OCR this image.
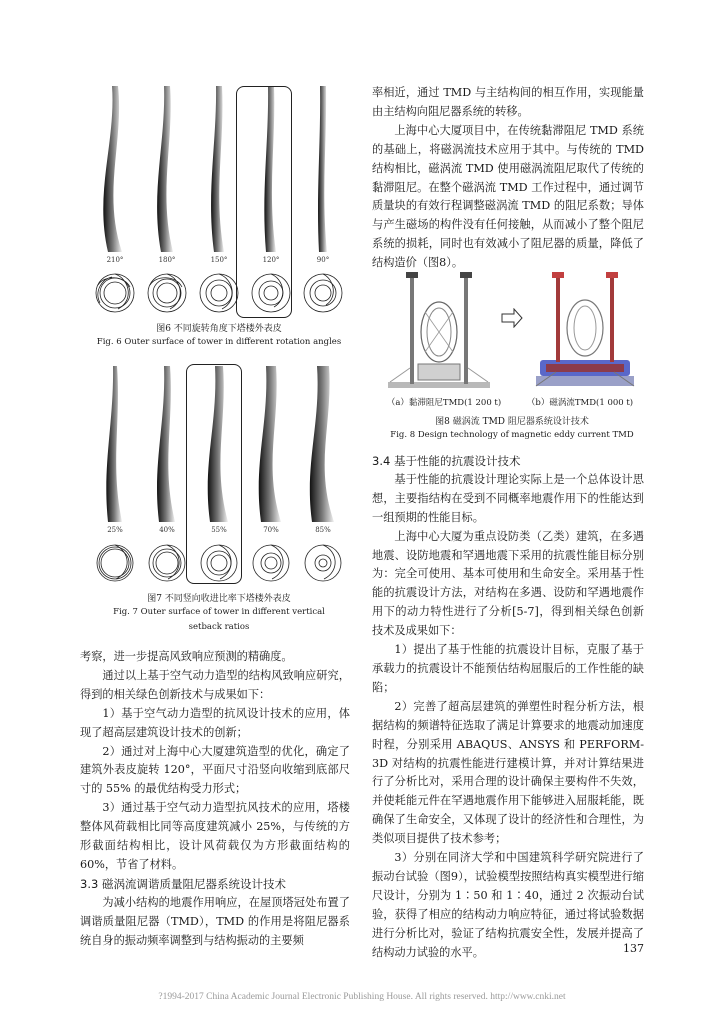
210°	180°	150°	120°	90°
图6 不同旋转角度下塔楼外表皮
Fig. 6 Outer surface of tower in different rotation angles
25%	40%	55%	70%	85%
图7 不同竖向收进比率下塔楼外表皮
Fig. 7 Outer surface of tower in different vertical
setback ratios

考察，进一步提高风致响应预测的精确度。

通过以上基于空气动力造型的结构风致响应研究，得到的相关绿色创新技术与成果如下：

1）基于空气动力造型的抗风设计技术的应用，体现了超高层建筑设计技术的创新；

2）通过对上海中心大厦建筑造型的优化，确定了建筑外表皮旋转 120°，平面尺寸沿竖向收缩到底部尺寸的 55% 的最优结构受力形式；

3）通过基于空气动力造型抗风技术的应用，塔楼整体风荷载相比同等高度建筑减小 25%，与传统的方形截面结构相比，设计风荷载仅为方形截面结构的 60%，节省了材料。

3.3 磁涡流调谐质量阻尼器系统设计技术

为减小结构的地震作用响应，在屋顶塔冠处布置了调谐质量阻尼器（TMD），TMD 的作用是将阻尼器系统自身的振动频率调整到与结构振动的主要频

率相近，通过 TMD 与主结构间的相互作用，实现能量由主结构向阻尼器系统的转移。

上海中心大厦项目中，在传统黏滞阻尼 TMD 系统的基础上，将磁涡流技术应用于其中。与传统的 TMD 结构相比，磁涡流 TMD 使用磁涡流阻尼取代了传统的黏滞阻尼。在整个磁涡流 TMD 工作过程中，通过调节质量块的有效行程调整磁涡流 TMD 的阻尼系数；导体与产生磁场的构件没有任何接触，从而减小了整个阻尼系统的损耗，同时也有效减小了阻尼器的质量，降低了结构造价（图8）。

（a）黏滞阻尼TMD(1 200 t)	（b）磁涡流TMD(1 000 t)
图8 磁涡流 TMD 阻尼器系统设计技术
Fig. 8 Design technology of magnetic eddy current TMD

3.4 基于性能的抗震设计技术

基于性能的抗震设计理论实际上是一个总体设计思想，主要指结构在受到不同概率地震作用下的性能达到一组预期的性能目标。

上海中心大厦为重点设防类（乙类）建筑，在多遇地震、设防地震和罕遇地震下采用的抗震性能目标分别为：完全可使用、基本可使用和生命安全。采用基于性能的抗震设计方法，对结构在多遇、设防和罕遇地震作用下的动力特性进行了分析[5-7]，得到相关绿色创新技术及成果如下：

1）提出了基于性能的抗震设计目标，克服了基于承载力的抗震设计不能预估结构屈服后的工作性能的缺陷；

2）完善了超高层建筑的弹塑性时程分析方法，根据结构的频谱特征选取了满足计算要求的地震动加速度时程，分别采用 ABAQUS、ANSYS 和 PERFORM-3D 对结构的抗震性能进行建模计算，并对计算结果进行了分析比对，采用合理的设计确保主要构件不失效，并使耗能元件在罕遇地震作用下能够进入屈服耗能，既确保了生命安全，又体现了设计的经济性和合理性，为类似项目提供了技术参考；

3）分别在同济大学和中国建筑科学研究院进行了振动台试验（图9），试验模型按照结构真实模型进行缩尺设计，分别为 1∶50 和 1∶40，通过 2 次振动台试验，获得了相应的结构动力响应特征，通过将试验数据进行分析比对，验证了结构抗震安全性，发展并提高了结构动力试验的水平。	137
?1994-2017 China Academic Journal Electronic Publishing House. All rights reserved. http://www.cnki.net
